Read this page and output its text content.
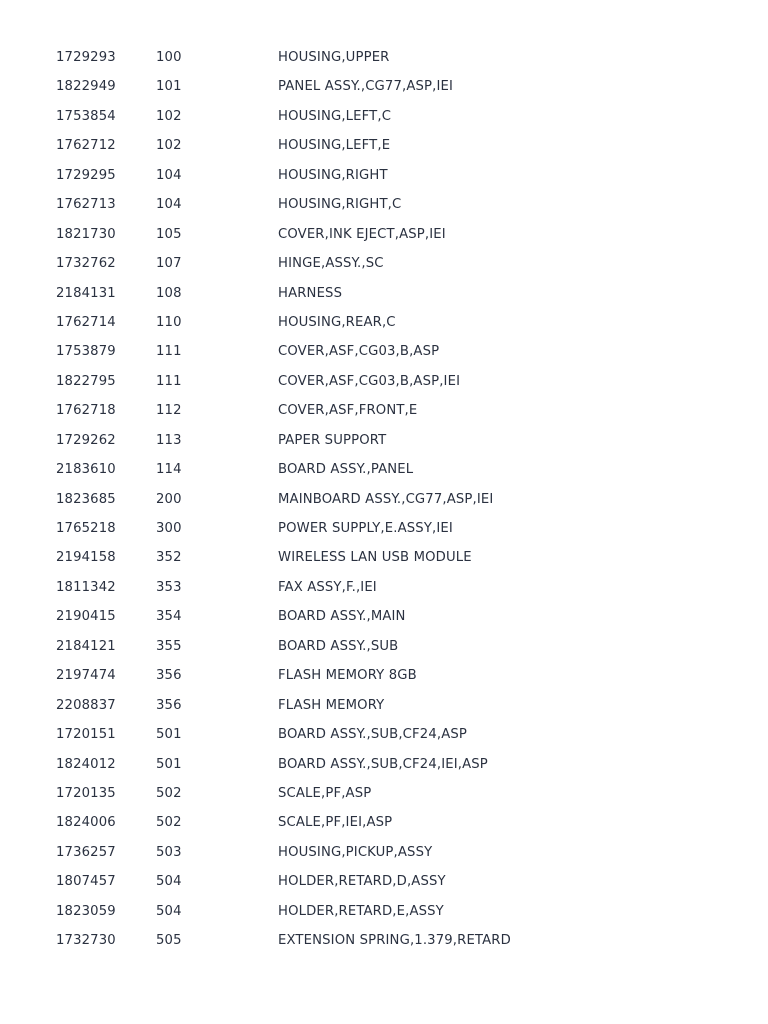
1729293	100	HOUSING,UPPER
1822949	101	PANEL ASSY.,CG77,ASP,IEI
1753854	102	HOUSING,LEFT,C
1762712	102	HOUSING,LEFT,E
1729295	104	HOUSING,RIGHT
1762713	104	HOUSING,RIGHT,C
1821730	105	COVER,INK EJECT,ASP,IEI
1732762	107	HINGE,ASSY.,SC
2184131	108	HARNESS
1762714	110	HOUSING,REAR,C
1753879	111	COVER,ASF,CG03,B,ASP
1822795	111	COVER,ASF,CG03,B,ASP,IEI
1762718	112	COVER,ASF,FRONT,E
1729262	113	PAPER SUPPORT
2183610	114	BOARD ASSY.,PANEL
1823685	200	MAINBOARD ASSY.,CG77,ASP,IEI
1765218	300	POWER SUPPLY,E.ASSY,IEI
2194158	352	WIRELESS LAN USB MODULE
1811342	353	FAX ASSY,F.,IEI
2190415	354	BOARD ASSY.,MAIN
2184121	355	BOARD ASSY.,SUB
2197474	356	FLASH MEMORY 8GB
2208837	356	FLASH MEMORY
1720151	501	BOARD ASSY.,SUB,CF24,ASP
1824012	501	BOARD ASSY.,SUB,CF24,IEI,ASP
1720135	502	SCALE,PF,ASP
1824006	502	SCALE,PF,IEI,ASP
1736257	503	HOUSING,PICKUP,ASSY
1807457	504	HOLDER,RETARD,D,ASSY
1823059	504	HOLDER,RETARD,E,ASSY
1732730	505	EXTENSION SPRING,1.379,RETARD
